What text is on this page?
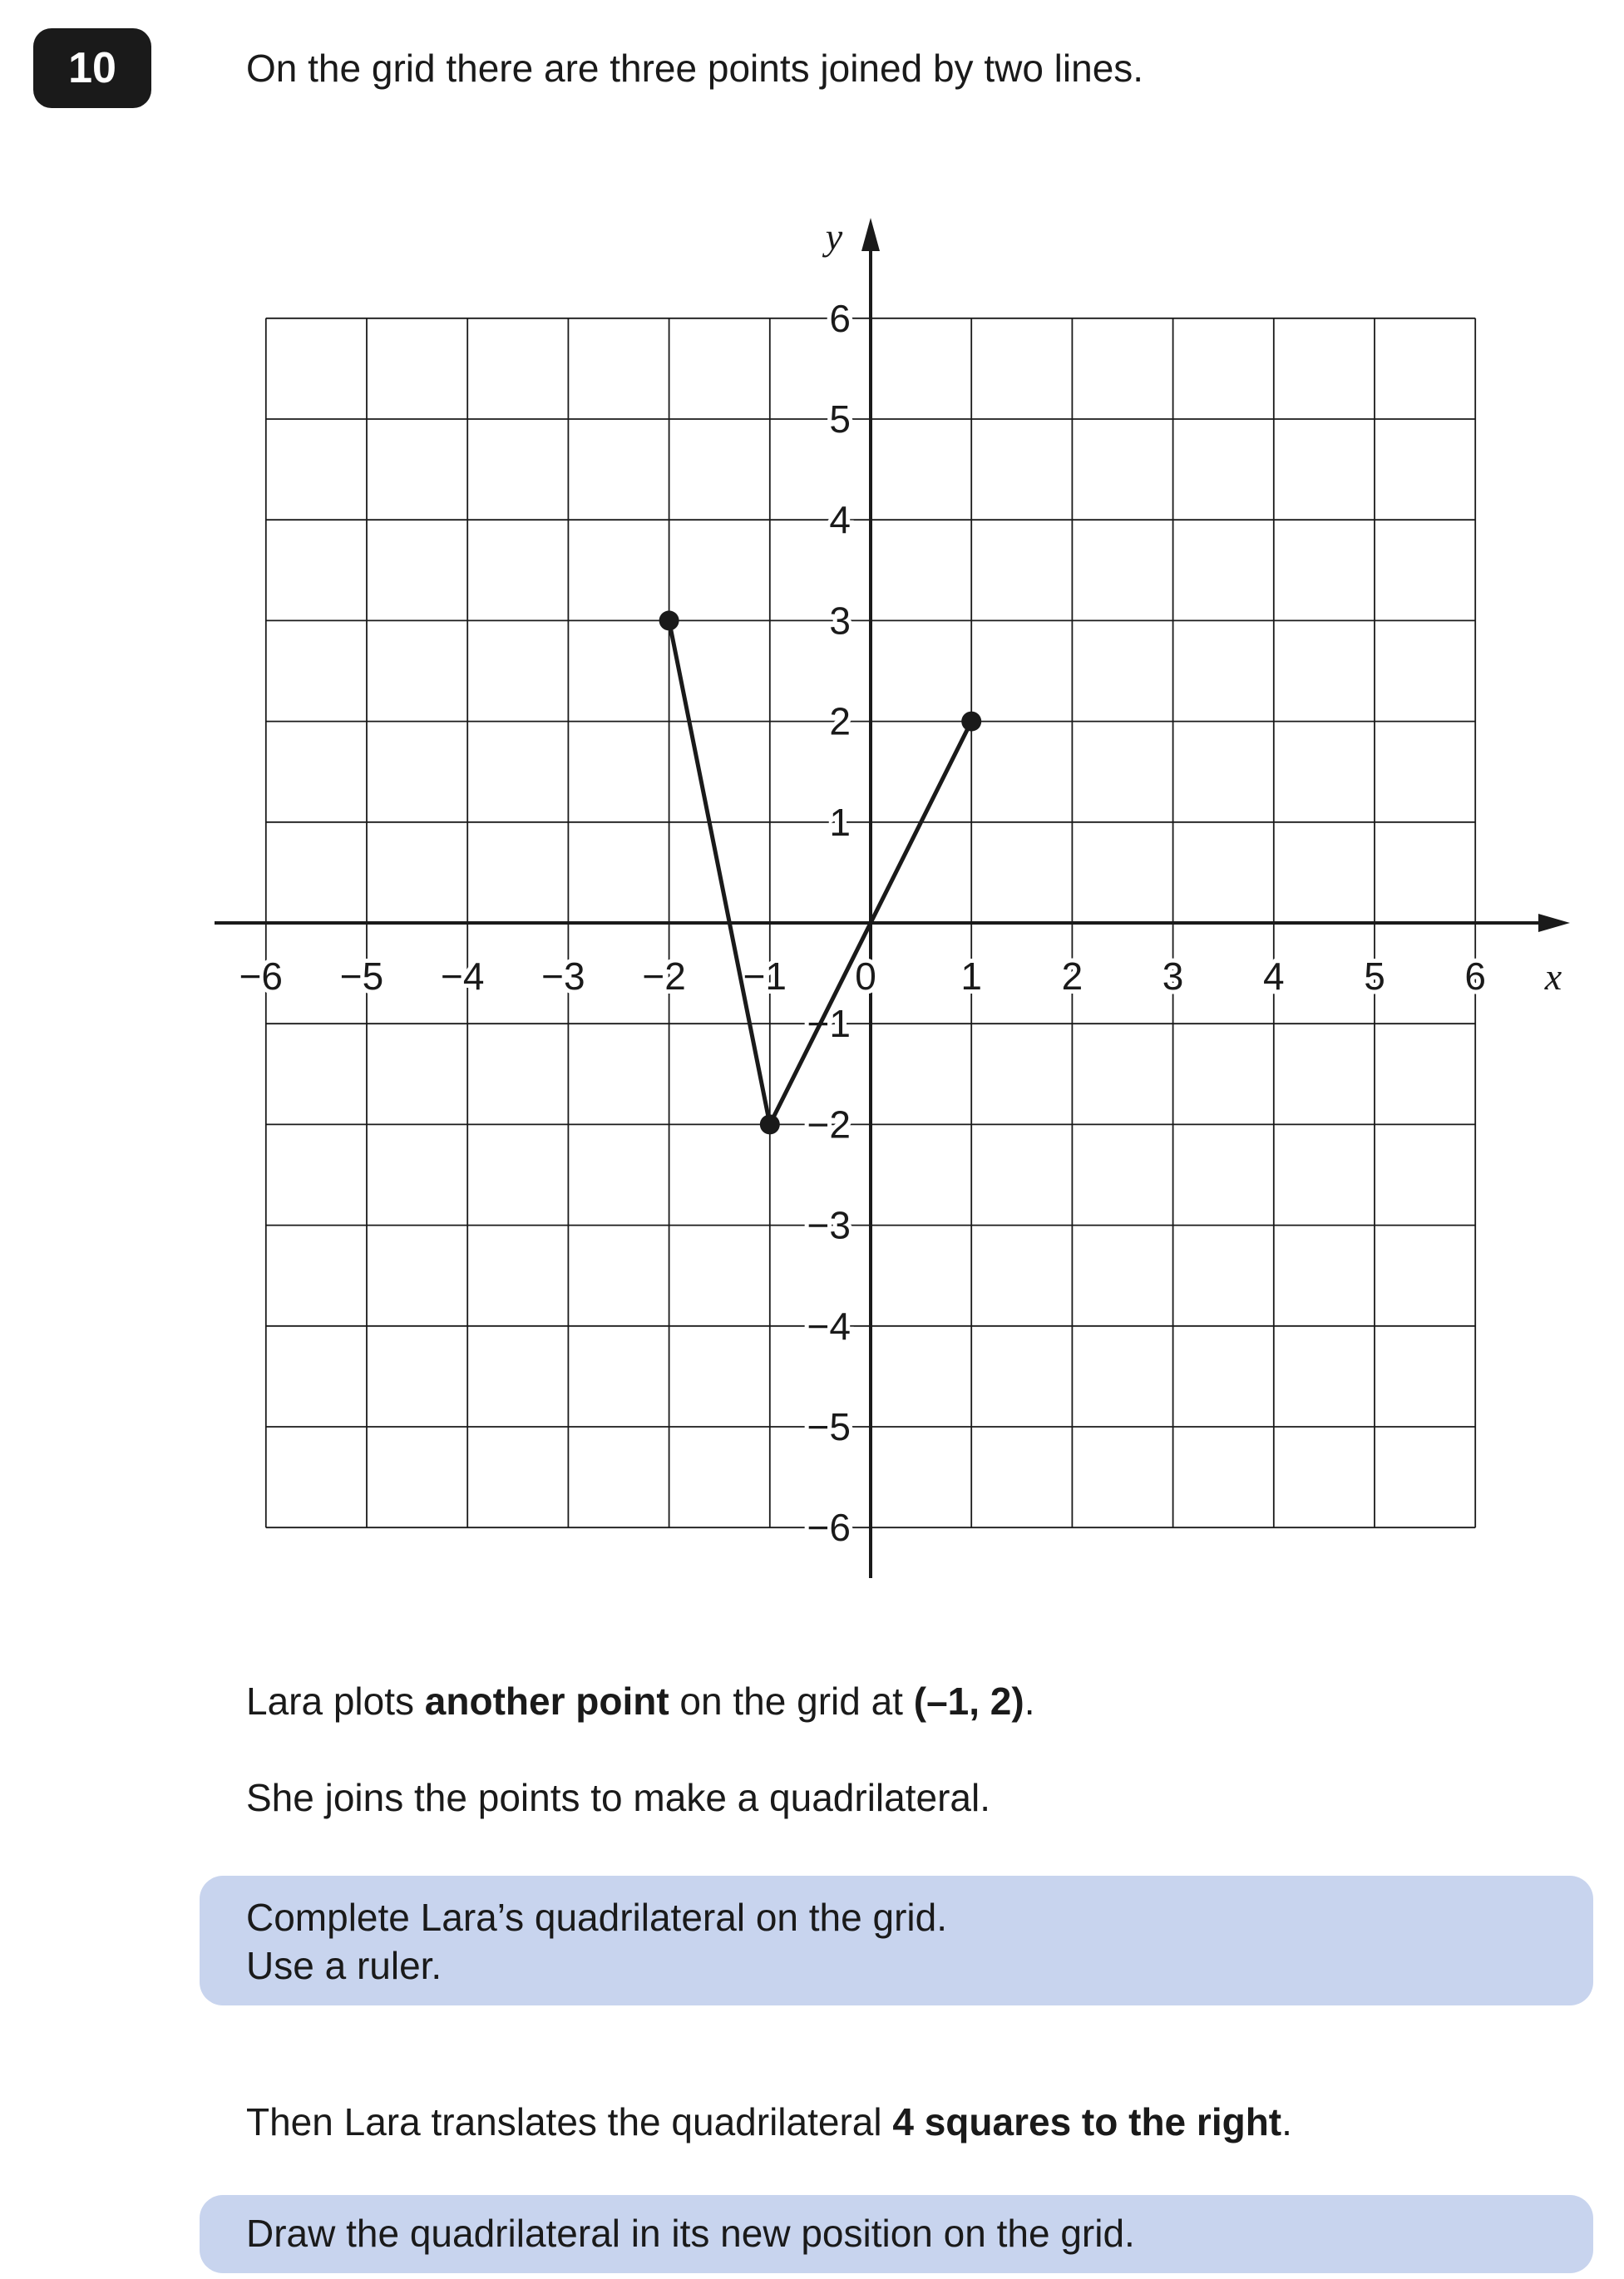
10	On the grid there are three points joined by two lines.
−6 −5 −4 −3 −2 −1 0 1 2 3 4 5 6
6
5
4
3
2
1
−1
−2
−3
−4
−5
−6
y
x
Lara plots another point on the grid at (–1, 2).
She joins the points to make a quadrilateral.
Complete Lara’s quadrilateral on the grid.
Use a ruler.
Then Lara translates the quadrilateral 4 squares to the right.
Draw the quadrilateral in its new position on the grid.
